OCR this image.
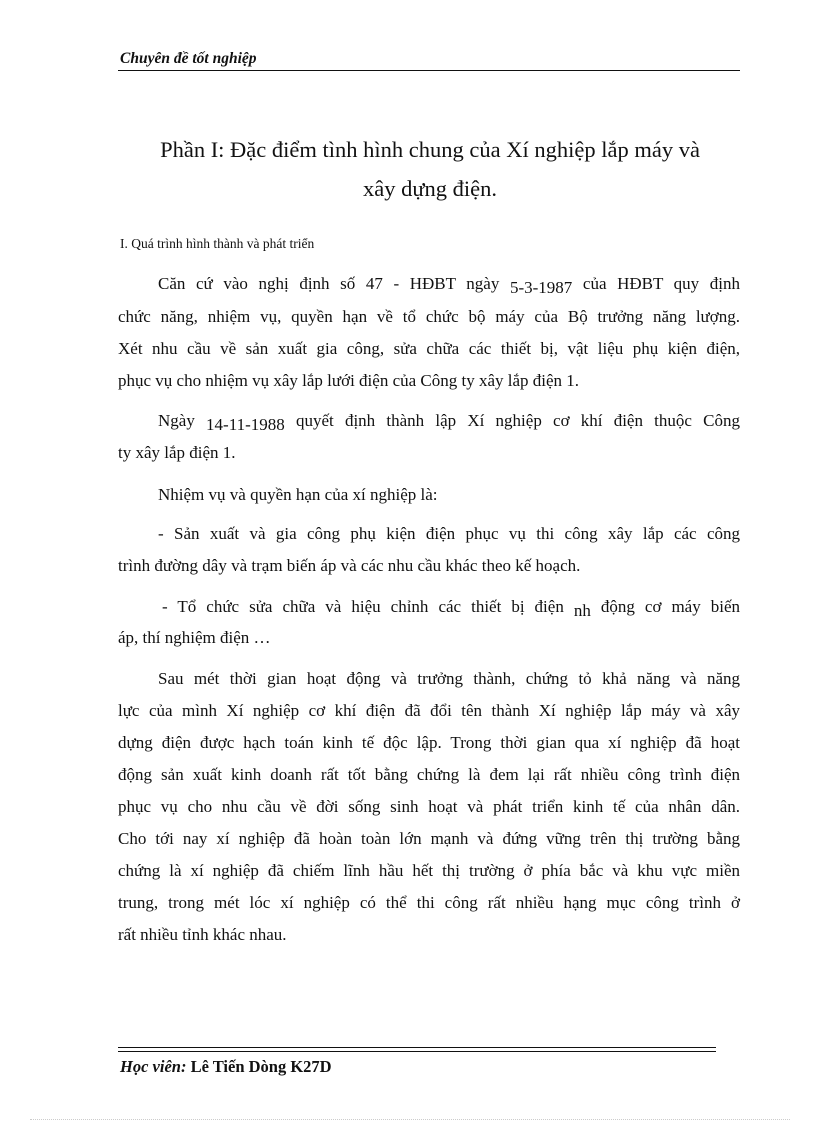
Chuyên đề tốt nghiệp
Phần I: Đặc điểm tình hình chung của Xí nghiệp lắp máy và
xây dựng điện.
I. Quá trình hình thành và phát triển
Căn cứ vào nghị định số 47 - HĐBT ngày 5-3-1987 của HĐBT quy định
chức năng, nhiệm vụ, quyền hạn về tổ chức bộ máy của Bộ trưởng năng lượng.
Xét nhu cầu về sản xuất gia công, sửa chữa các thiết bị, vật liệu phụ kiện điện,
phục vụ cho nhiệm vụ xây lắp lưới điện của Công ty xây lắp điện 1.
Ngày 14-11-1988 quyết định thành lập Xí nghiệp cơ khí điện thuộc Công
ty xây lắp điện 1.
Nhiệm vụ và quyền hạn của xí nghiệp là:
- Sản xuất và gia công phụ kiện điện phục vụ thi công xây lắp các công
trình đường dây và trạm biến áp và các nhu cầu khác theo kế hoạch.
- Tổ chức sửa chữa và hiệu chỉnh các thiết bị điện nh động cơ máy biến
áp, thí nghiệm điện …
Sau mét thời gian hoạt động và trưởng thành, chứng tỏ khả năng và năng
lực của mình Xí nghiệp cơ khí điện đã đổi tên thành Xí nghiệp lắp máy và xây
dựng điện được hạch toán kinh tế độc lập. Trong thời gian qua xí nghiệp đã hoạt
động sản xuất kinh doanh rất tốt bằng chứng là đem lại rất nhiều công trình điện
phục vụ cho nhu cầu về đời sống sinh hoạt và phát triển kinh tế của nhân dân.
Cho tới nay xí nghiệp đã hoàn toàn lớn mạnh và đứng vững trên thị trường bằng
chứng là xí nghiệp đã chiếm lĩnh hầu hết thị trường ở phía bắc và khu vực miền
trung, trong mét lóc xí nghiệp có thể thi công rất nhiều hạng mục công trình ở
rất nhiều tỉnh khác nhau.
Học viên: Lê Tiến Dòng K27D
